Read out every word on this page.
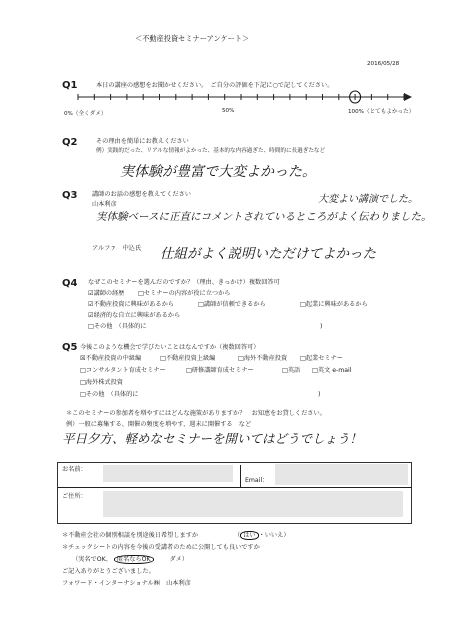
＜不動産投資セミナーアンケート＞
2016/05/28
Q1	本日の講座の感想をお聞かせください。　ご自分の評価を下記に○で記してください。
0%（全くダメ）	50%	100%（とてもよかった）
Q2	その理由を簡単にお教えください
例）実践的だった、リアルな情報がよかった、基本的な内容過ぎた、時間的に長過ぎたなど
実体験が豊富で大変よかった。
Q3 講師のお話の感想を教えてください
山本利彦	大変よい講演でした。
実体験ベースに正直にコメントされているところがよく伝わりました。
アルファ　中込氏 仕組がよく説明いただけてよかった
Q4 なぜこのセミナーを選んだのですか？（理由、きっかけ）複数回答可
☑講師の経歴 □	セミナーの内容が役に立つから
☑不動産投資に興味があるから □	講師が信頼できるから □	起業に興味があるから
☑経済的な自立に興味があるから
□ その他　（具体的に	)
Q5 今後このような機会で学びたいことはなんですか（複数回答可）
☒不動産投資の中級編 □	不動産投資上級編 □	海外不動産投資 □	起業セミナー
□ コンサルタント育成セミナー □	研修講師育成セミナー □	英語 □	英文 e-mail
□ 海外株式投資
□ その他　（具体的に	)
＊このセミナーの参加者を増やすにはどんな施策がありますか？　お知恵をお貸しください。
例）一般に募集する、開催の頻度を増やす、週末に開催する　など
平日夕方、軽めなセミナーを開いてはどうでしょう！
お名前：
Email：
ご住所：
＊不動産会社の個別相談を別途後日希望しますか	（ はい ・いいえ）
＊チェックシートの内容を今後の受講者のために公開しても良いですか
（実名でOK、 匿名ならOK	ダメ）
ご記入ありがとうございました。
フォワード・インターナショナル㈱　山本利彦
